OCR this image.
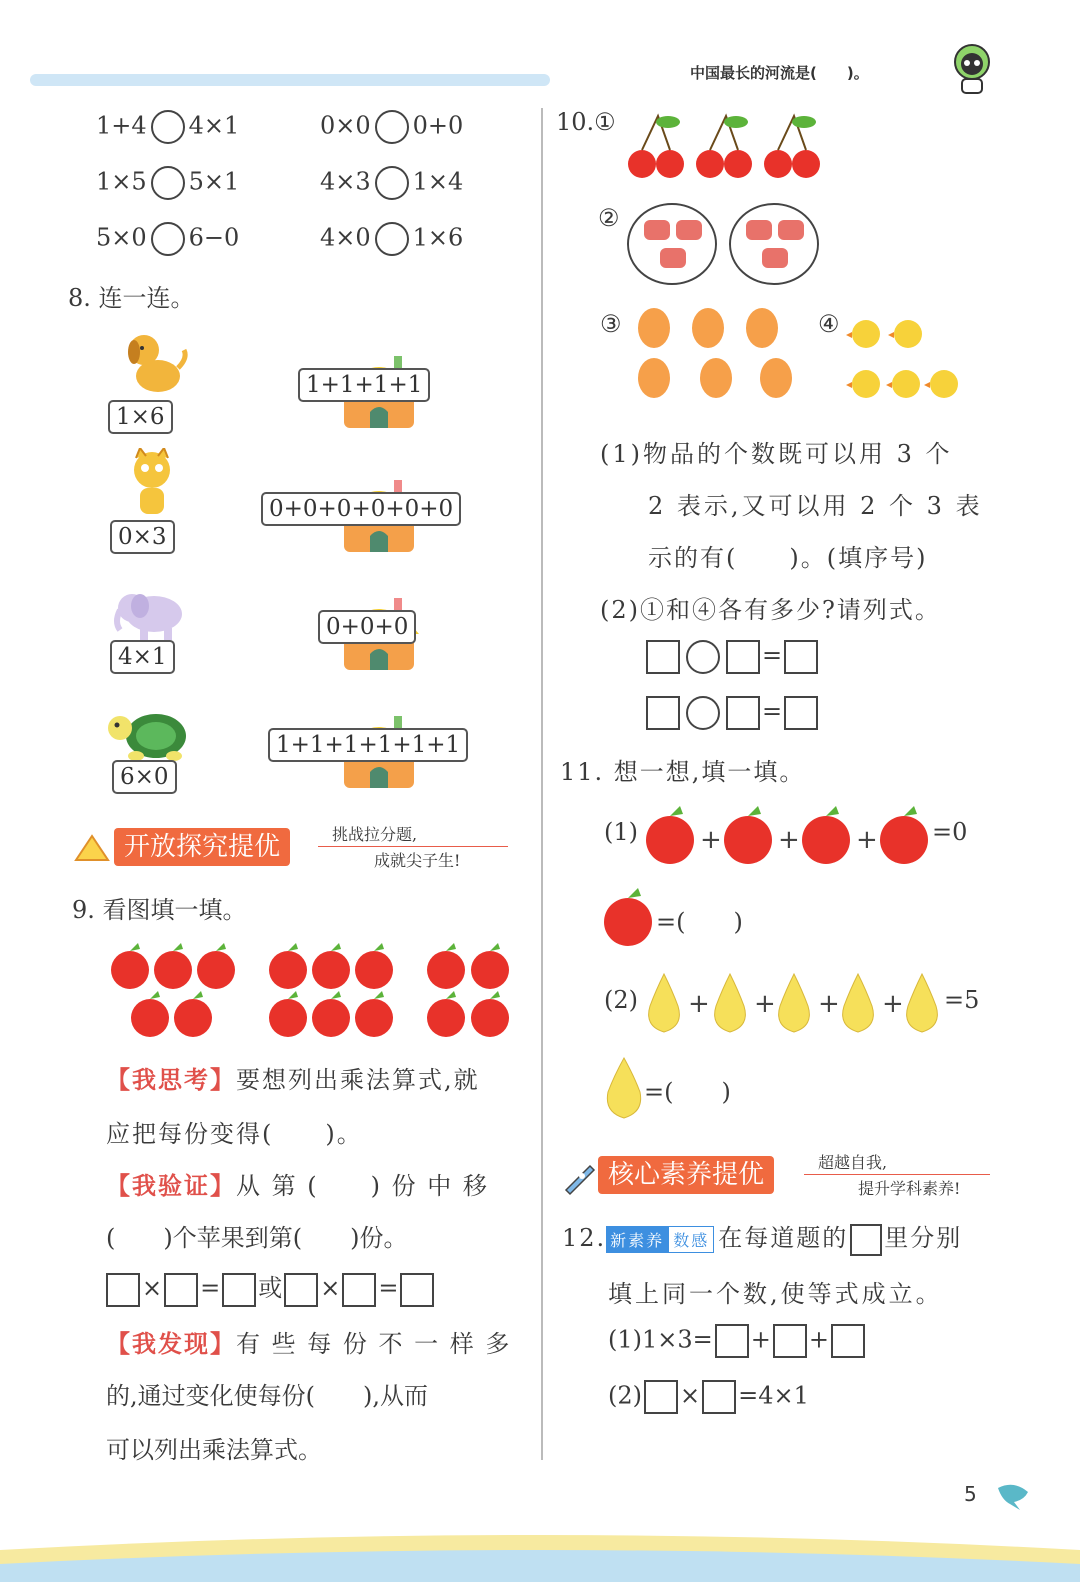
中国最长的河流是(　　)。
1+4 4×1	0×0 0+0
1×5 5×1	4×3 1×4
5×0 6−0	4×0 1×6
8. 连一连。
1×6
0×3
4×1
6×0
1+1+1+1
0+0+0+0+0+0
0+0+0
1+1+1+1+1+1
开放探究提优	挑战拉分题,
成就尖子生!
9. 看图填一填。
【我思考】要想列出乘法算式,就
应把每份变得(　　)。
【我验证】从 第 (　　) 份 中 移
(　　)个苹果到第(　　)份。
× = 或 × =
【我发现】有 些 每 份 不 一 样 多
的,通过变化使每份(　　),从而
可以列出乘法算式。
10.①
②
③	④
(1)物品的个数既可以用 3 个
2 表示,又可以用 2 个 3 表
示的有(　　)。(填序号)
(2)①和④各有多少?请列式。
=
=
11. 想一想,填一填。
(1) + + + =0
=(　　)
(2) + + + + =5
=(　　)
核心素养提优	超越自我,
提升学科素养!
12. 新素养 数感 在每道题的 里分别
填上同一个数,使等式成立。
(1)1×3= + +
(2) × =4×1
5
